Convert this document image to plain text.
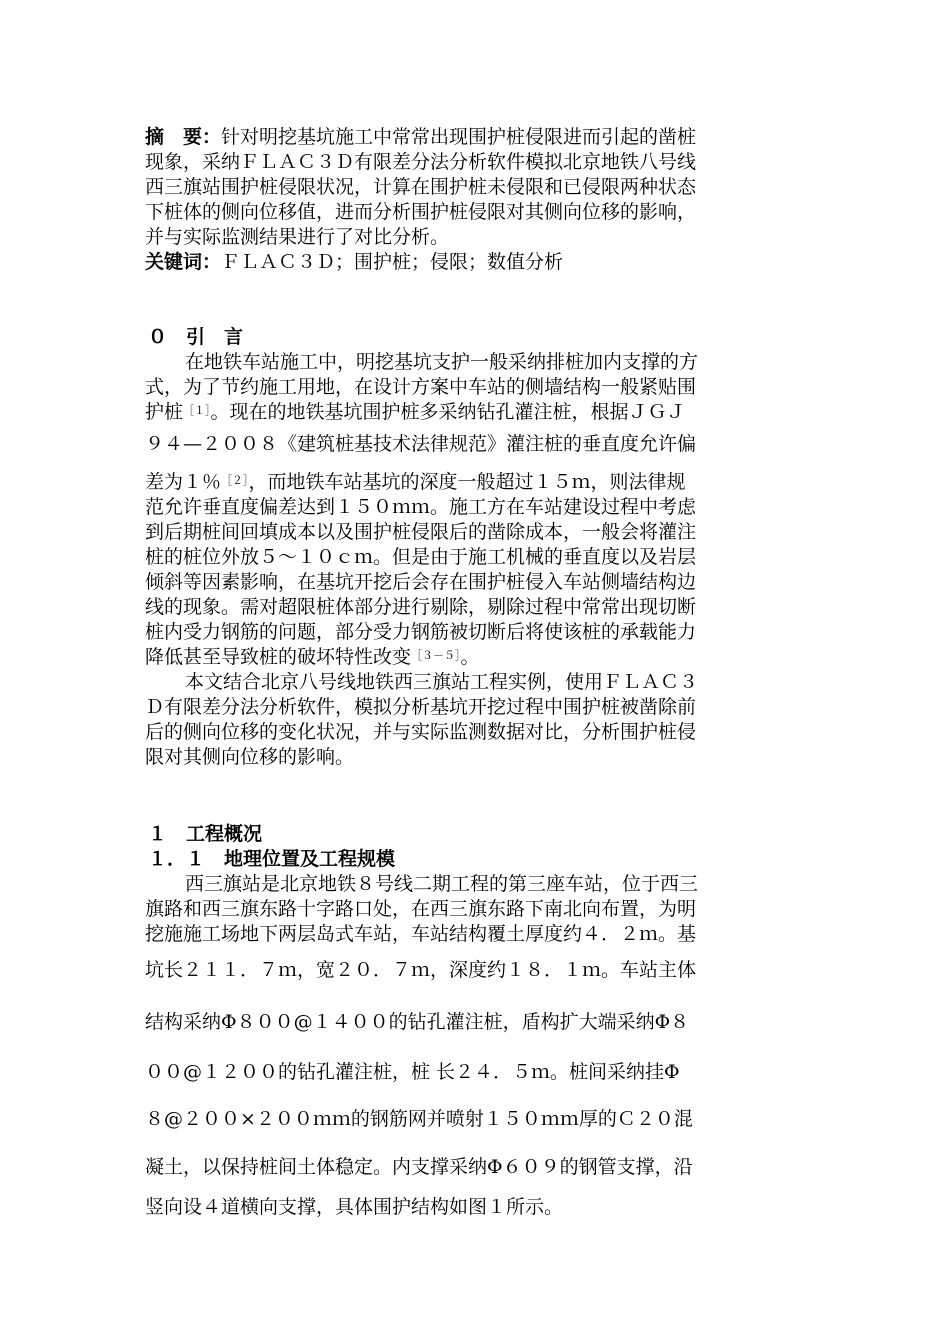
摘　要：针对明挖基坑施工中常常出现围护桩侵限进而引起的凿桩
现象，采纳ＦＬＡＣ３Ｄ有限差分法分析软件模拟北京地铁八号线
西三旗站围护桩侵限状况，计算在围护桩未侵限和已侵限两种状态
下桩体的侧向位移值，进而分析围护桩侵限对其侧向位移的影响，
并与实际监测结果进行了对比分析。
关键词：ＦＬＡＣ３Ｄ；围护桩；侵限；数值分析
０　引　言
在地铁车站施工中，明挖基坑支护一般采纳排桩加内支撑的方
式，为了节约施工用地，在设计方案中车站的侧墙结构一般紧贴围
护桩$^{[1]}$。现在的地铁基坑围护桩多采纳钻孔灌注桩，根据ＪＧＪ
９４—２００８《建筑桩基技术法律规范》灌注桩的垂直度允许偏
差为１％$^{[2]}$，而地铁车站基坑的深度一般超过１５ｍ，则法律规
范允许垂直度偏差达到１５０ｍｍ。施工方在车站建设过程中考虑
到后期桩间回填成本以及围护桩侵限后的凿除成本，一般会将灌注
桩的桩位外放５～１０ｃｍ。但是由于施工机械的垂直度以及岩层
倾斜等因素影响，在基坑开挖后会存在围护桩侵入车站侧墙结构边
线的现象。需对超限桩体部分进行剔除，剔除过程中常常出现切断
桩内受力钢筋的问题，部分受力钢筋被切断后将使该桩的承载能力
降低甚至导致桩的破坏特性改变$^{[3-5]}$。
本文结合北京八号线地铁西三旗站工程实例，使用ＦＬＡＣ３
Ｄ有限差分法分析软件，模拟分析基坑开挖过程中围护桩被凿除前
后的侧向位移的变化状况，并与实际监测数据对比，分析围护桩侵
限对其侧向位移的影响。
１　工程概况
１．１　地理位置及工程规模
西三旗站是北京地铁８号线二期工程的第三座车站，位于西三
旗路和西三旗东路十字路口处，在西三旗东路下南北向布置，为明
挖施施工场地下两层岛式车站，车站结构覆土厚度约４．２ｍ。基
坑长２１１．７ｍ，宽２０．７ｍ，深度约１８．１ｍ。车站主体
结构采纳Φ８００@１４００的钻孔灌注桩，盾构扩大端采纳Φ８
００@１２００的钻孔灌注桩，桩 长２４．５ｍ。桩间采纳挂Φ
８@２００×２００ｍｍ的钢筋网并喷射１５０ｍｍ厚的Ｃ２０混
凝土，以保持桩间土体稳定。内支撑采纳Φ６０９的钢管支撑，沿
竖向设４道横向支撑，具体围护结构如图１所示。
